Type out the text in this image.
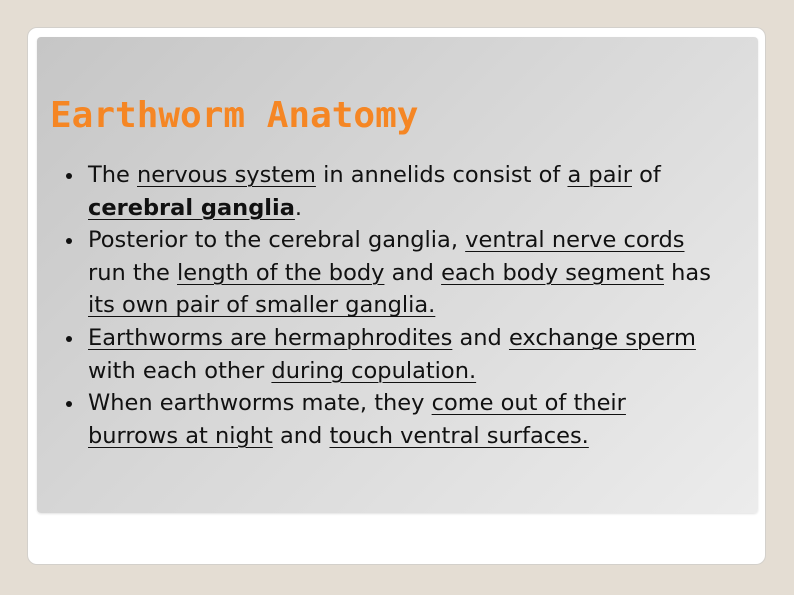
Earthworm Anatomy
The nervous system in annelids consist of a pair of cerebral ganglia.
Posterior to the cerebral ganglia, ventral nerve cords run the length of the body and each body segment has its own pair of smaller ganglia.
Earthworms are hermaphrodites and exchange sperm with each other during copulation.
When earthworms mate, they come out of their burrows at night and touch ventral surfaces.
